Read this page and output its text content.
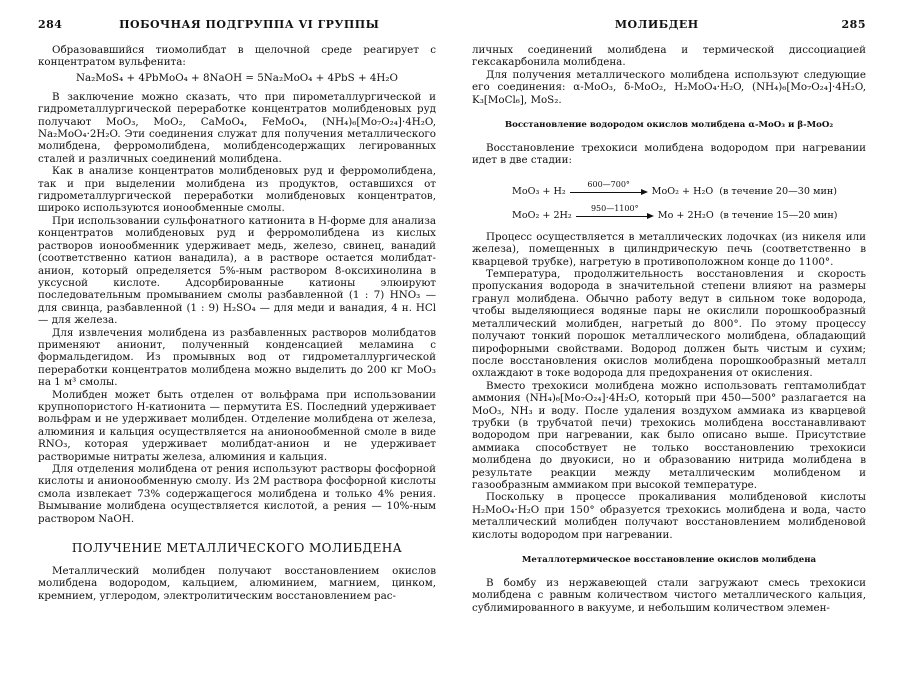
284	ПОБОЧНАЯ ПОДГРУППА VI ГРУППЫ

Образовавшийся тиомолибдат в щелочной среде реагирует с концентратом вульфенита:

Na₂MoS₄ + 4PbMoO₄ + 8NaOH = 5Na₂MoO₄ + 4PbS + 4H₂O

В заключение можно сказать, что при пирометаллургической и гидрометаллургической переработке концентратов молибденовых руд получают MoO₃, MoO₂, CaMoO₄, FeMoO₄, (NH₄)₆[Mo₇O₂₄]·4H₂O, Na₂MoO₄·2H₂O. Эти соединения служат для получения металлического молибдена, ферромолибдена, молибденсодержащих легированных сталей и различных соединений молибдена.

Как в анализе концентратов молибденовых руд и ферромолибдена, так и при выделении молибдена из продуктов, оставшихся от гидрометаллургической переработки молибденовых концентратов, широко используются ионообменные смолы.

При использовании сульфонатного катионита в Н-форме для анализа концентратов молибденовых руд и ферромолибдена из кислых растворов ионообменник удерживает медь, железо, свинец, ванадий (соответственно катион ванадила), а в растворе остается молибдат-анион, который определяется 5%-ным раствором 8-оксихинолина в уксусной кислоте. Адсорбированные катионы элюируют последовательным промыванием смолы разбавленной (1 : 7) HNO₃ — для свинца, разбавленной (1 : 9) H₂SO₄ — для меди и ванадия, 4 н. HCl — для железа.

Для извлечения молибдена из разбавленных растворов молибдатов применяют анионит, полученный конденсацией меламина с формальдегидом. Из промывных вод от гидрометаллургической переработки концентратов молибдена можно выделить до 200 кг MoO₃ на 1 м³ смолы.

Молибден может быть отделен от вольфрама при использовании крупнопористого Н-катионита — пермутита ES. Последний удерживает вольфрам и не удерживает молибден. Отделение молибдена от железа, алюминия и кальция осуществляется на анионообменной смоле в виде RNO₃, которая удерживает молибдат-анион и не удерживает растворимые нитраты железа, алюминия и кальция.

Для отделения молибдена от рения используют растворы фосфорной кислоты и анионообменную смолу. Из 2M раствора фосфорной кислоты смола извлекает 73% содержащегося молибдена и только 4% рения. Вымывание молибдена осуществляется кислотой, а рения — 10%-ным раствором NaOH.

ПОЛУЧЕНИЕ МЕТАЛЛИЧЕСКОГО МОЛИБДЕНА

Металлический молибден получают восстановлением окислов молибдена водородом, кальцием, алюминием, магнием, цинком, кремнием, углеродом, электролитическим восстановлением рас-

МОЛИБДЕН	285

личных соединений молибдена и термической диссоциацией гексакарбонила молибдена.

Для получения металлического молибдена используют следующие его соединения: α-MoO₃, δ-MoO₂, H₂MoO₄·H₂O, (NH₄)₆[Mo₇O₂₄]·4H₂O, K₃[MoCl₆], MoS₂.

Восстановление водородом окислов молибдена α-MoO₃ и β-MoO₂

Восстановление трехокиси молибдена водородом при нагревании идет в две стадии:

MoO₃ + H₂
600—700°
MoO₂ + H₂O (в течение 20—30 мин)
MoO₂ + 2H₂
950—1100°
Mo + 2H₂O (в течение 15—20 мин)

Процесс осуществляется в металлических лодочках (из никеля или железа), помещенных в цилиндрическую печь (соответственно в кварцевой трубке), нагретую в противоположном конце до 1100°.

Температура, продолжительность восстановления и скорость пропускания водорода в значительной степени влияют на размеры гранул молибдена. Обычно работу ведут в сильном токе водорода, чтобы выделяющиеся водяные пары не окислили порошкообразный металлический молибден, нагретый до 800°. По этому процессу получают тонкий порошок металлического молибдена, обладающий пирофорными свойствами. Водород должен быть чистым и сухим; после восстановления окислов молибдена порошкообразный металл охлаждают в токе водорода для предохранения от окисления.

Вместо трехокиси молибдена можно использовать гептамолибдат аммония (NH₄)₆[Mo₇O₂₄]·4H₂O, который при 450—500° разлагается на MoO₃, NH₃ и воду. После удаления воздухом аммиака из кварцевой трубки (в трубчатой печи) трехокись молибдена восстанавливают водородом при нагревании, как было описано выше. Присутствие аммиака способствует не только восстановлению трехокиси молибдена до двуокиси, но и образованию нитрида молибдена в результате реакции между металлическим молибденом и газообразным аммиаком при высокой температуре.

Поскольку в процессе прокаливания молибденовой кислоты H₂MoO₄·H₂O при 150° образуется трехокись молибдена и вода, часто металлический молибден получают восстановлением молибденовой кислоты водородом при нагревании.

Металлотермическое восстановление окислов молибдена

В бомбу из нержавеющей стали загружают смесь трехокиси молибдена с равным количеством чистого металлического кальция, сублимированного в вакууме, и небольшим количеством элемен-
